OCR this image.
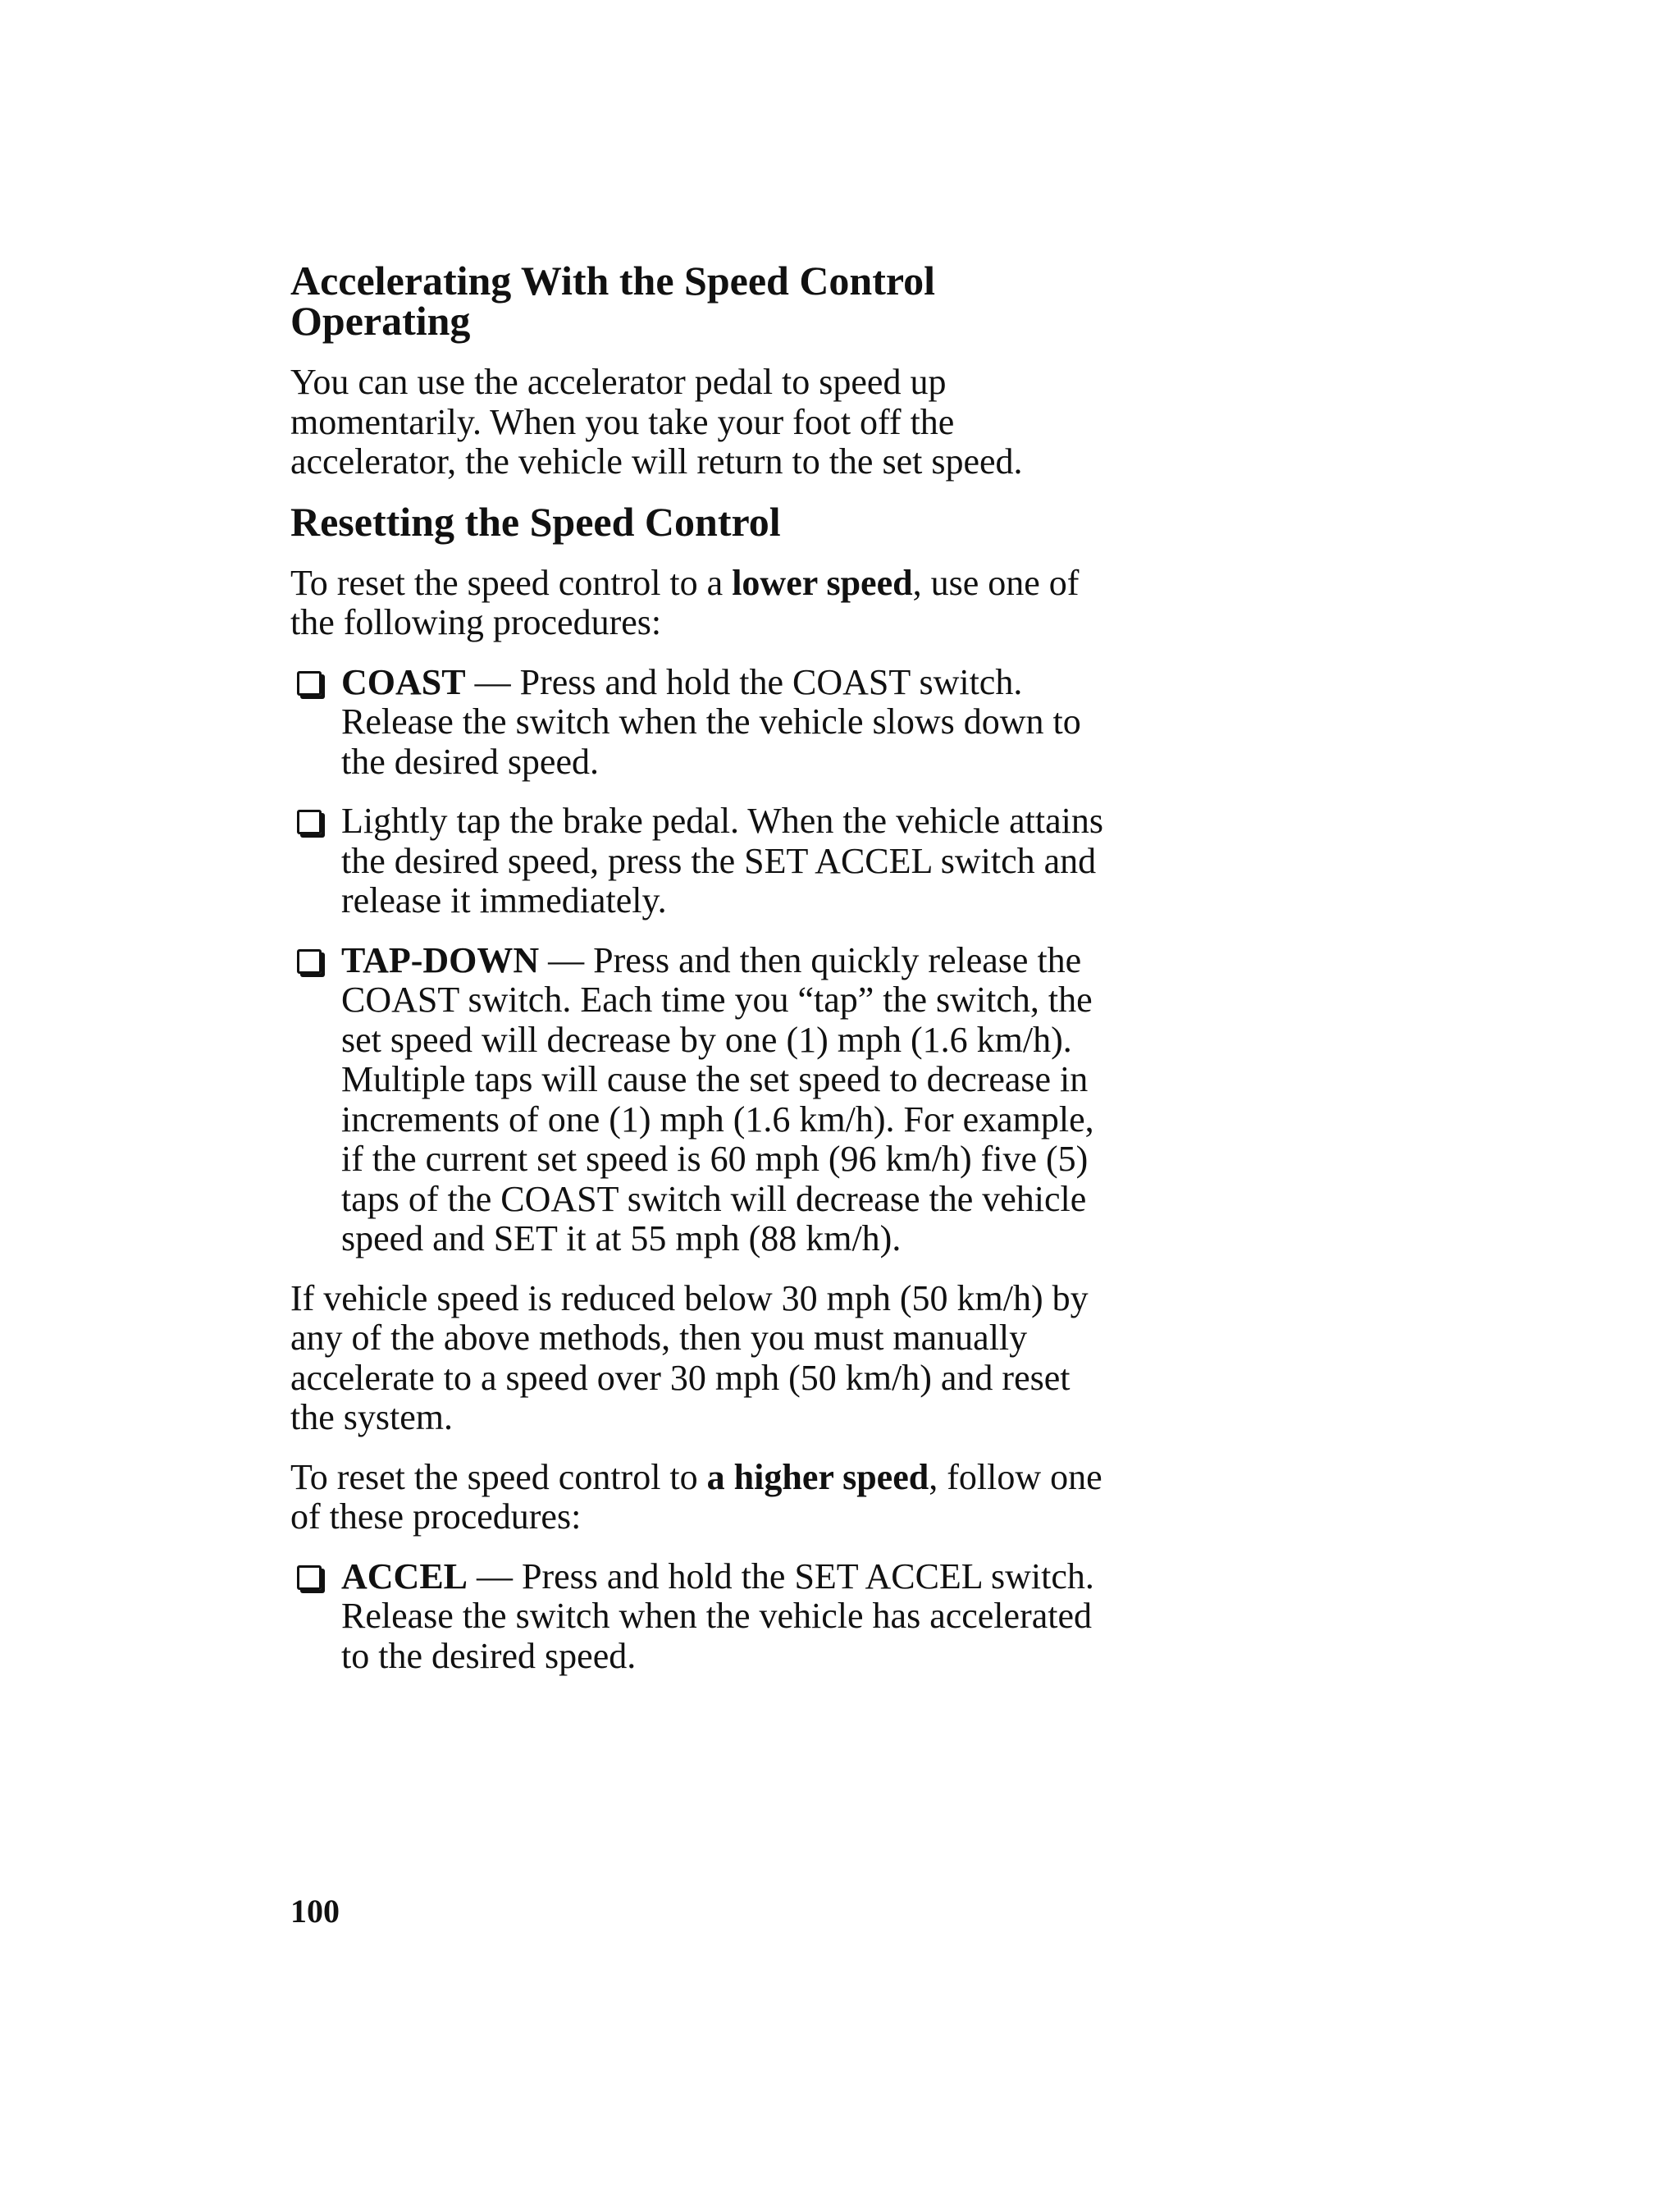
Accelerating With the Speed Control
Operating

You can use the accelerator pedal to speed up momentarily. When you take your foot off the accelerator, the vehicle will return to the set speed.

Resetting the Speed Control

To reset the speed control to a lower speed, use one of the following procedures:

COAST — Press and hold the COAST switch. Release the switch when the vehicle slows down to the desired speed.

Lightly tap the brake pedal. When the vehicle attains the desired speed, press the SET ACCEL switch and release it immediately.

TAP-DOWN — Press and then quickly release the COAST switch. Each time you “tap” the switch, the set speed will decrease by one (1) mph (1.6 km/h). Multiple taps will cause the set speed to decrease in increments of one (1) mph (1.6 km/h). For example, if the current set speed is 60 mph (96 km/h) five (5) taps of the COAST switch will decrease the vehicle speed and SET it at 55 mph (88 km/h).

If vehicle speed is reduced below 30 mph (50 km/h) by any of the above methods, then you must manually accelerate to a speed over 30 mph (50 km/h) and reset the system.

To reset the speed control to a higher speed, follow one of these procedures:

ACCEL — Press and hold the SET ACCEL switch. Release the switch when the vehicle has accelerated to the desired speed.

100
